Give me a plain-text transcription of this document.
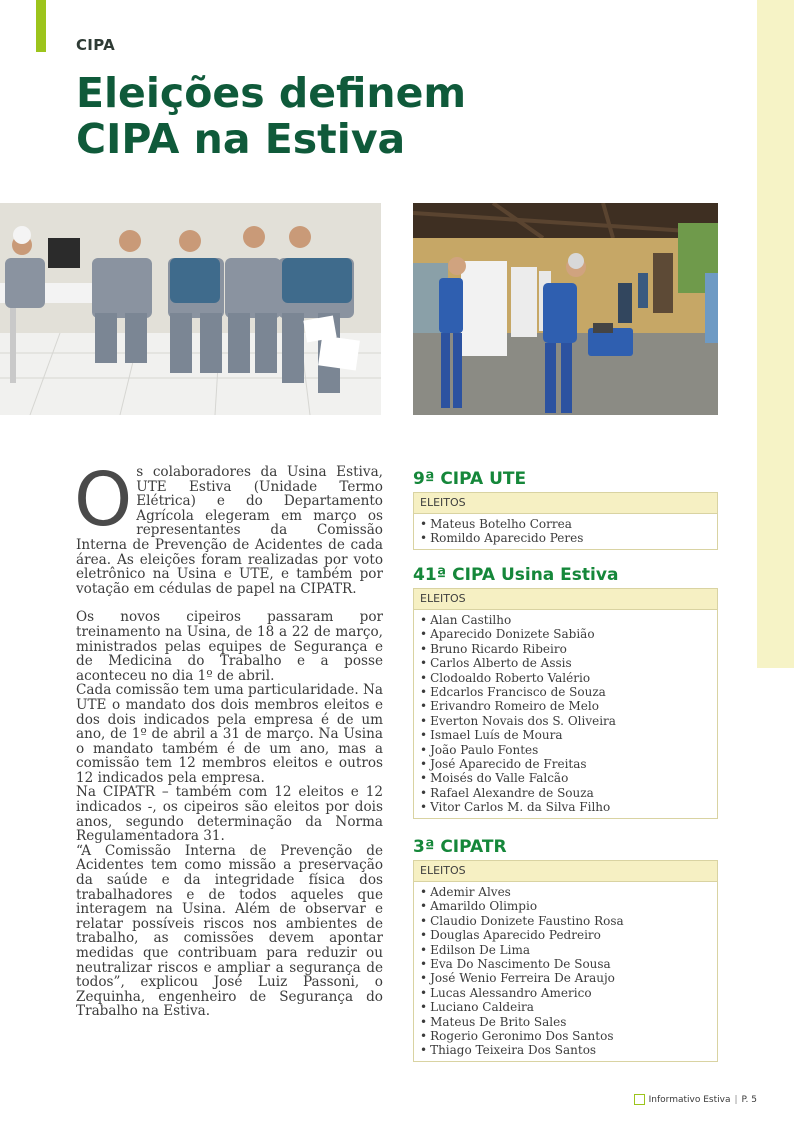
CIPA
Eleições definem
CIPA na Estiva

Os colaboradores da Usina Estiva, UTE Estiva (Unidade Termo Elétrica) e do Departamento Agrícola elegeram em março os representantes da Comissão Interna de Prevenção de Acidentes de cada área. As eleições foram realizadas por voto eletrônico na Usina e UTE, e também por votação em cédulas de papel na CIPATR.

Os novos cipeiros passaram por treinamento na Usina, de 18 a 22 de março, ministrados pelas equipes de Segurança e de Medicina do Trabalho e a posse aconteceu no dia 1º de abril.

Cada comissão tem uma particularidade. Na UTE o mandato dos dois membros eleitos e dos dois indicados pela empresa é de um ano, de 1º de abril a 31 de março. Na Usina o mandato também é de um ano, mas a comissão tem 12 membros eleitos e outros 12 indicados pela empresa.

Na CIPATR – também com 12 eleitos e 12 indicados -, os cipeiros são eleitos por dois anos, segundo determinação da Norma Regulamentadora 31.

“A Comissão Interna de Prevenção de Acidentes tem como missão a preservação da saúde e da integridade física dos trabalhadores e de todos aqueles que interagem na Usina. Além de observar e relatar possíveis riscos nos ambientes de trabalho, as comissões devem apontar medidas que contribuam para reduzir ou neutralizar riscos e ampliar a segurança de todos”, explicou José Luiz Passoni, o Zequinha, engenheiro de Segurança do Trabalho na Estiva.

9ª CIPA UTE
ELEITOS
• Mateus Botelho Correa
• Romildo Aparecido Peres
41ª CIPA Usina Estiva
ELEITOS
• Alan Castilho
• Aparecido Donizete Sabião
• Bruno Ricardo Ribeiro
• Carlos Alberto de Assis
• Clodoaldo Roberto Valério
• Edcarlos Francisco de Souza
• Erivandro Romeiro de Melo
• Everton Novais dos S. Oliveira
• Ismael Luís de Moura
• João Paulo Fontes
• José Aparecido de Freitas
• Moisés do Valle Falcão
• Rafael Alexandre de Souza
• Vitor Carlos M. da Silva Filho
3ª CIPATR
ELEITOS
• Ademir Alves
• Amarildo Olimpio
• Claudio Donizete Faustino Rosa
• Douglas Aparecido Pedreiro
• Edilson De Lima
• Eva Do Nascimento De Sousa
• José Wenio Ferreira De Araujo
• Lucas Alessandro Americo
• Luciano Caldeira
• Mateus De Brito Sales
• Rogerio Geronimo Dos Santos
• Thiago Teixeira Dos Santos
Informativo Estiva | P. 5
